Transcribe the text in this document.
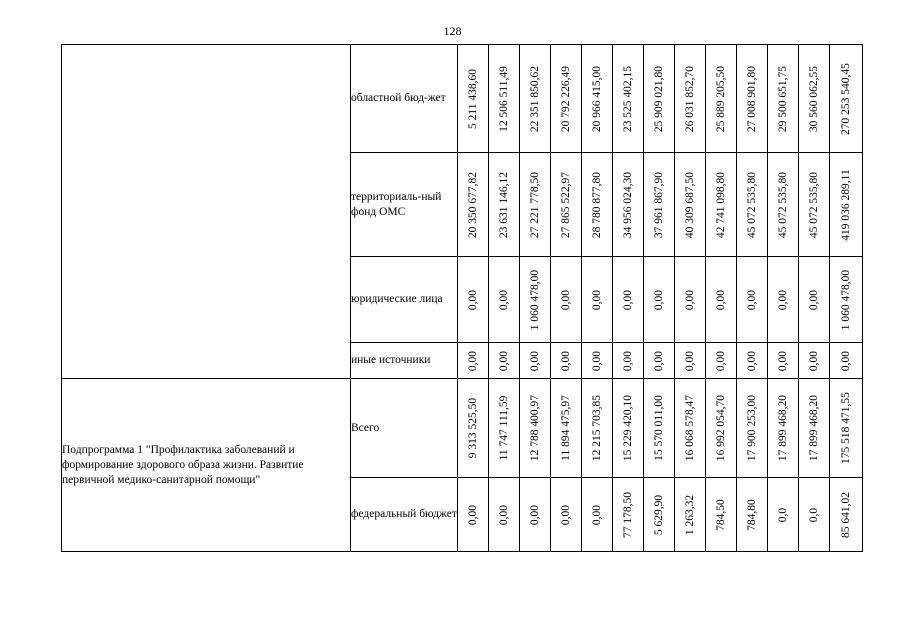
128
	областной бюд-жет	5 211 438,60	12 506 511,49	22 351 850,62	20 792 226,49	20 966 415,00	23 525 402,15	25 909 021,80	26 031 852,70	25 889 205,50	27 008 901,80	29 500 651,75	30 560 062,55	270 253 540,45

	территориаль-ный фонд ОМС	20 350 677,82	23 631 146,12	27 221 778,50	27 865 522,97	28 780 877,80	34 956 024,30	37 961 867,90	40 309 687,50	42 741 098,80	45 072 535,80	45 072 535,80	45 072 535,80	419 036 289,11

	юридические лица	0,00	0,00	1 060 478,00	0,00	0,00	0,00	0,00	0,00	0,00	0,00	0,00	0,00	1 060 478,00

	иные источники	0,00	0,00	0,00	0,00	0,00	0,00	0,00	0,00	0,00	0,00	0,00	0,00	0,00

Подпрограмма 1 "Профилактика заболеваний и формирование здорового образа жизни. Развитие первичной медико-санитарной помощи"	Всего	9 313 525,50	11 747 111,59	12 788 400,97	11 894 475,97	12 215 703,85	15 229 420,10	15 570 011,00	16 068 578,47	16 992 054,70	17 900 253,00	17 899 468,20	17 899 468,20	175 518 471,55

	федеральный бюджет	0,00	0,00	0,00	0,00	0,00	77 178,50	5 629,90	1 263,32	784,50	784,80	0,0	0,0	85 641,02
